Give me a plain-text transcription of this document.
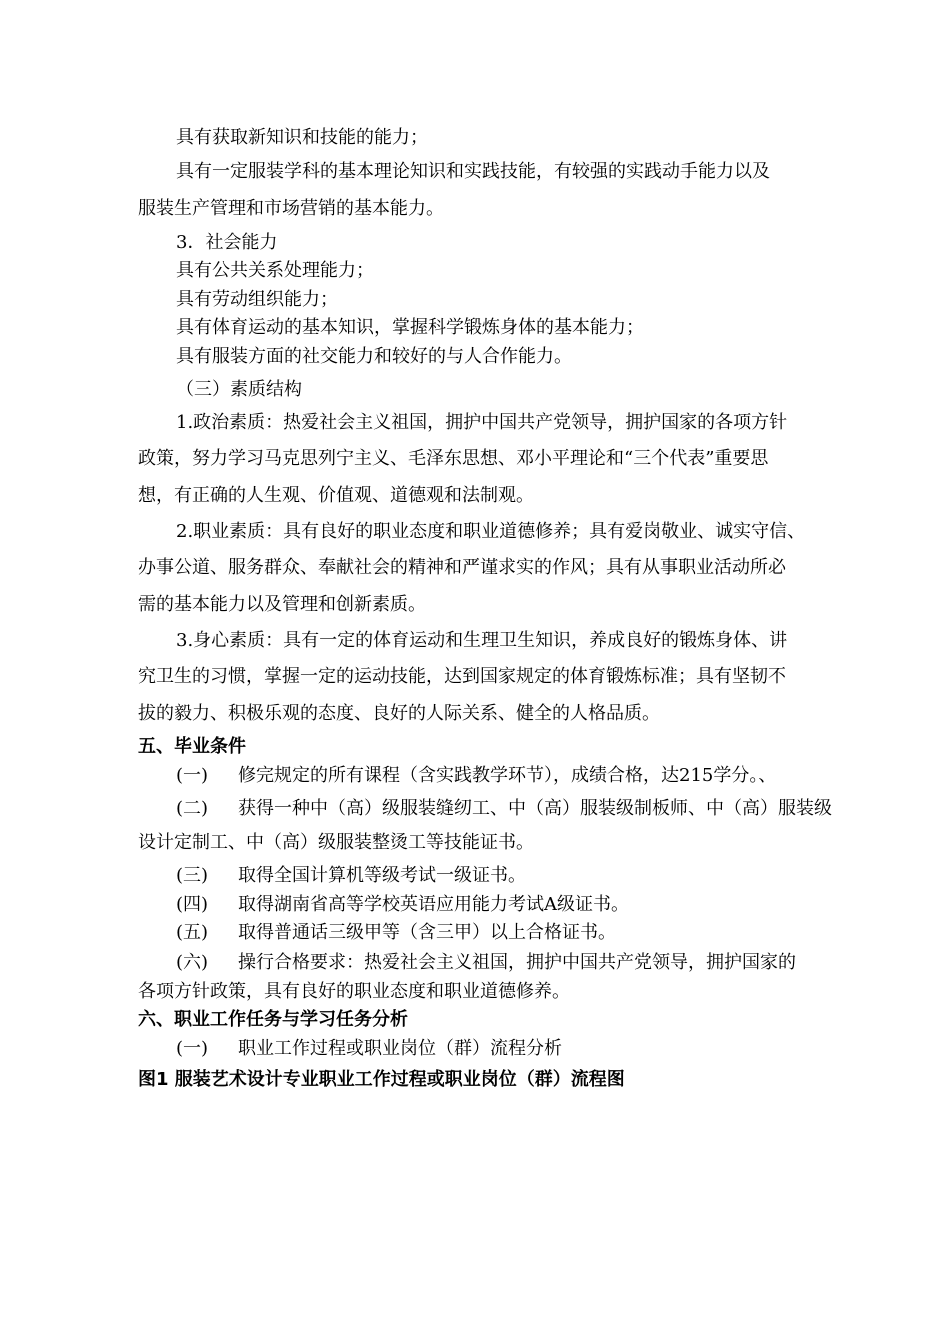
具有获取新知识和技能的能力；
具有一定服装学科的基本理论知识和实践技能，有较强的实践动手能力以及
服装生产管理和市场营销的基本能力。
3．社会能力
具有公共关系处理能力；
具有劳动组织能力；
具有体育运动的基本知识，掌握科学锻炼身体的基本能力；
具有服装方面的社交能力和较好的与人合作能力。
（三）素质结构
1.政治素质：热爱社会主义祖国，拥护中国共产党领导，拥护国家的各项方针
政策，努力学习马克思列宁主义、毛泽东思想、邓小平理论和“三个代表”重要思
想，有正确的人生观、价值观、道德观和法制观。
2.职业素质：具有良好的职业态度和职业道德修养；具有爱岗敬业、诚实守信、
办事公道、服务群众、奉献社会的精神和严谨求实的作风；具有从事职业活动所必
需的基本能力以及管理和创新素质。
3.身心素质：具有一定的体育运动和生理卫生知识，养成良好的锻炼身体、讲
究卫生的习惯，掌握一定的运动技能，达到国家规定的体育锻炼标准；具有坚韧不
拔的毅力、积极乐观的态度、良好的人际关系、健全的人格品质。
五、毕业条件
(一) 修完规定的所有课程（含实践教学环节），成绩合格，达215学分。、
(二) 获得一种中（高）级服装缝纫工、中（高）服装级制板师、中（高）服装级
设计定制工、中（高）级服装整烫工等技能证书。
(三) 取得全国计算机等级考试一级证书。
(四) 取得湖南省高等学校英语应用能力考试A级证书。
(五) 取得普通话三级甲等（含三甲）以上合格证书。
(六) 操行合格要求：热爱社会主义祖国，拥护中国共产党领导，拥护国家的
各项方针政策，具有良好的职业态度和职业道德修养。
六、职业工作任务与学习任务分析
(一) 职业工作过程或职业岗位（群）流程分析
图1 服装艺术设计专业职业工作过程或职业岗位（群）流程图
